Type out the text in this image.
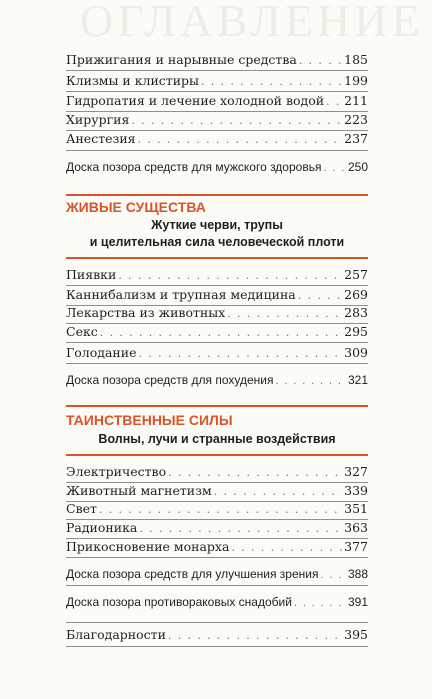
ОГЛАВЛЕНИЕ
Прижигания и нарывные средства . . .	185
Клизмы и клистиры . . .	199
Гидропатия и лечение холодной водой . . . 211
Хирургия . . .	223
Анестезия . . .	237
Доска позора средств для мужского здоровья . . . 250
ЖИВЫЕ СУЩЕСТВА
Жуткие черви, трупы
и целительная сила человеческой плоти
Пиявки . . .	257
Каннибализм и трупная медицина . . .	269
Лекарства из животных . . .	283
Секс . . .	295
Голодание . . .	309
Доска позора средств для похудения . . .	321
ТАИНСТВЕННЫЕ СИЛЫ
Волны, лучи и странные воздействия
Электричество . . .	327
Животный магнетизм . . .	339
Свет . . .	351
Радионика . . .	363
Прикосновение монарха . . .	377
Доска позора средств для улучшения зрения . . . 388
Доска позора противораковых снадобий . . .	391
Благодарности . . .	395
